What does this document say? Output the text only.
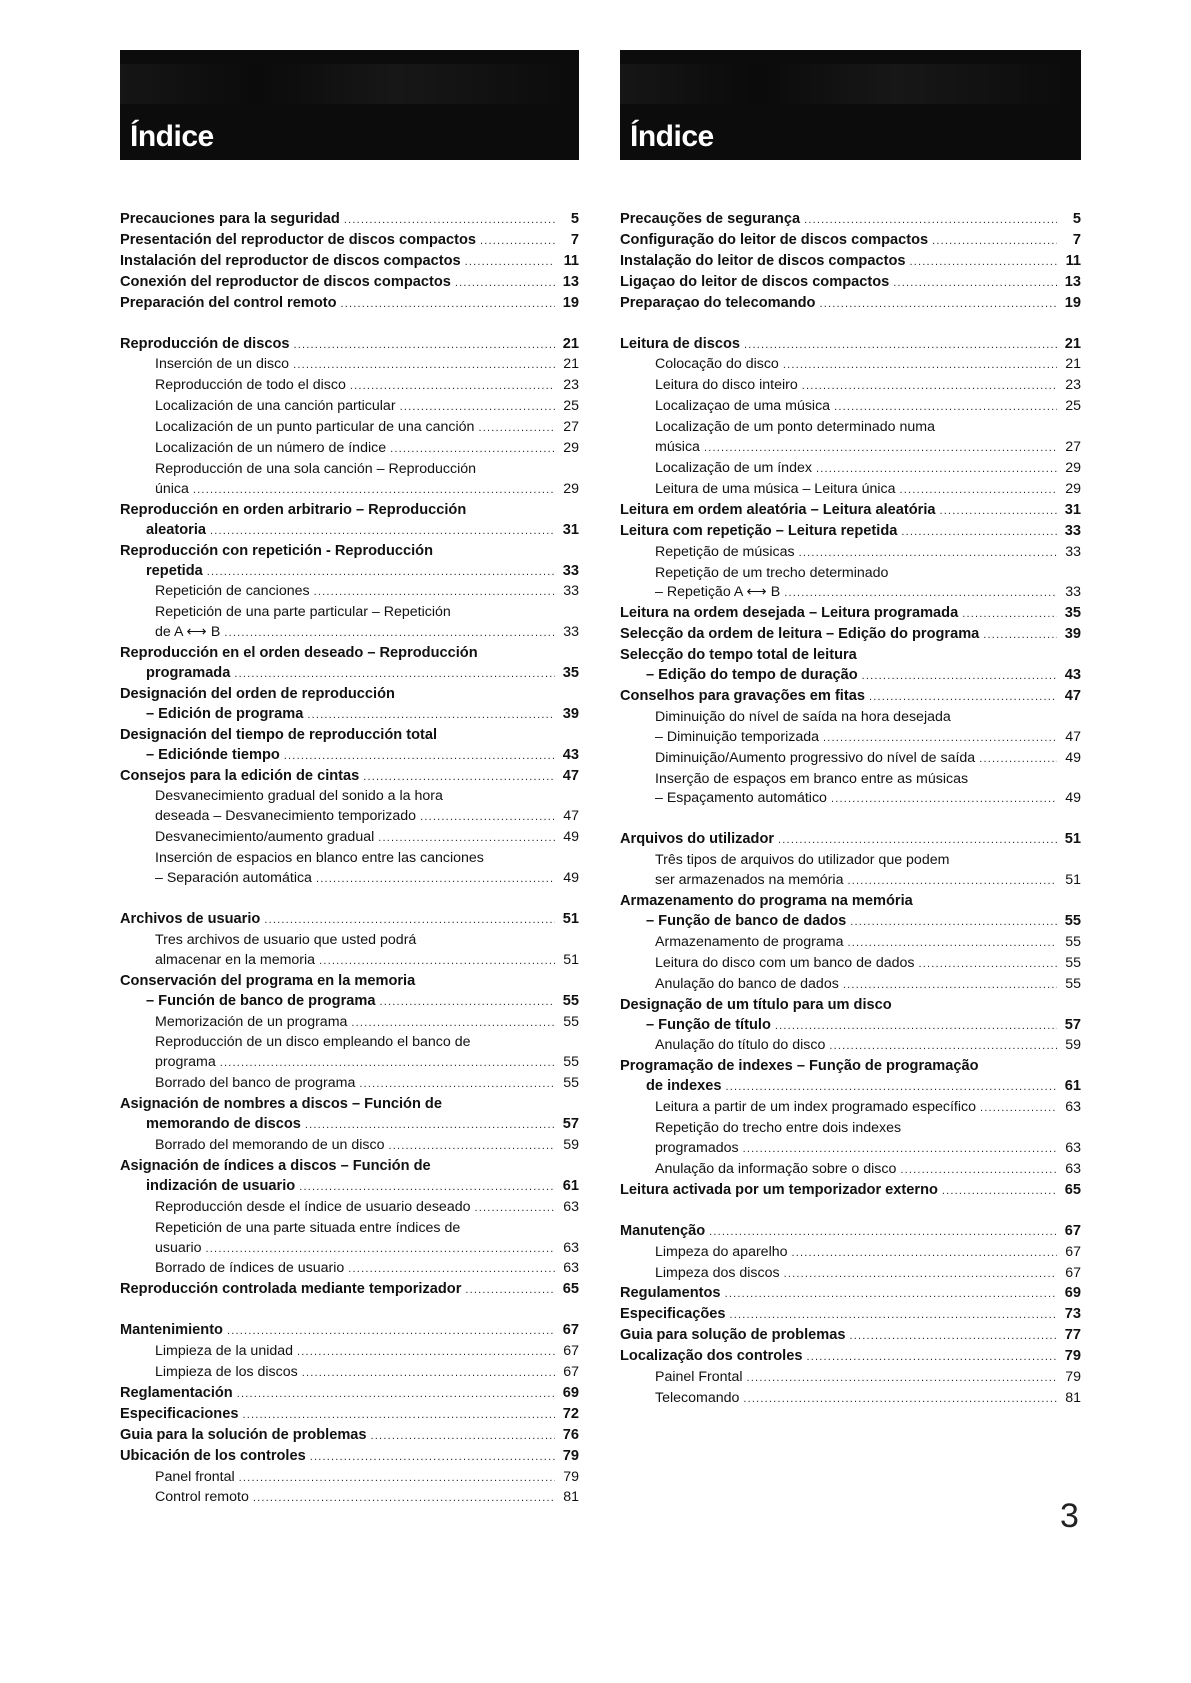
Índice
Precauciones para la seguridad .....	5
Presentación del reproductor de discos compactos .....	7
Instalación del reproductor de discos compactos .....	11
Conexión del reproductor de discos compactos .....	13
Preparación del control remoto .....	19
Reproducción de discos .....	21
Inserción de un disco .....	21
Reproducción de todo el disco .....	23
Localización de una canción particular .....	25
Localización de un punto particular de una canción .....	27
Localización de un número de índice .....	29
Reproducción de una sola canción – Reproducción
única .....	29
Reproducción en orden arbitrario – Reproducción
aleatoria .....	31
Reproducción con repetición - Reproducción
repetida .....	33
Repetición de canciones .....	33
Repetición de una parte particular – Repetición
de A ⟷ B .....	33
Reproducción en el orden deseado – Reproducción
programada .....	35
Designación del orden de reproducción
– Edición de programa .....	39
Designación del tiempo de reproducción total
– Ediciónde tiempo .....	43
Consejos para la edición de cintas .....	47
Desvanecimiento gradual del sonido a la hora
deseada – Desvanecimiento temporizado .....	47
Desvanecimiento/aumento gradual .....	49
Inserción de espacios en blanco entre las canciones
– Separación automática .....	49
Archivos de usuario .....	51
Tres archivos de usuario que usted podrá
almacenar en la memoria .....	51
Conservación del programa en la memoria
– Función de banco de programa .....	55
Memorización de un programa .....	55
Reproducción de un disco empleando el banco de
programa .....	55
Borrado del banco de programa .....	55
Asignación de nombres a discos – Función de
memorando de discos .....	57
Borrado del memorando de un disco .....	59
Asignación de índices a discos – Función de
indización de usuario .....	61
Reproducción desde el índice de usuario deseado .....	63
Repetición de una parte situada entre índices de
usuario .....	63
Borrado de índices de usuario .....	63
Reproducción controlada mediante temporizador .....	65
Mantenimiento .....	67
Limpieza de la unidad .....	67
Limpieza de los discos .....	67
Reglamentación .....	69
Especificaciones .....	72
Guia para la solución de problemas .....	76
Ubicación de los controles .....	79
Panel frontal .....	79
Control remoto .....	81
Índice
Precauções de segurança .....	5
Configuração do leitor de discos compactos .....	7
Instalação do leitor de discos compactos .....	11
Ligaçao do leitor de discos compactos .....	13
Preparaçao do telecomando .....	19
Leitura de discos .....	21
Colocação do disco .....	21
Leitura do disco inteiro .....	23
Localizaçao de uma música .....	25
Localização de um ponto determinado numa
música .....	27
Localização de um índex .....	29
Leitura de uma música – Leitura única .....	29
Leitura em ordem aleatória – Leitura aleatória .....	31
Leitura com repetição – Leitura repetida .....	33
Repetição de músicas .....	33
Repetição de um trecho determinado
– Repetição A ⟷ B .....	33
Leitura na ordem desejada – Leitura programada .....	35
Selecção da ordem de leitura – Edição do programa .....	39
Selecção do tempo total de leitura
– Edição do tempo de duração .....	43
Conselhos para gravações em fitas .....	47
Diminuição do nível de saída na hora desejada
– Diminuição temporizada .....	47
Diminuição/Aumento progressivo do nível de saída .....	49
Inserção de espaços em branco entre as músicas
– Espaçamento automático .....	49
Arquivos do utilizador .....	51
Três tipos de arquivos do utilizador que podem
ser armazenados na memória .....	51
Armazenamento do programa na memória
– Função de banco de dados .....	55
Armazenamento de programa .....	55
Leitura do disco com um banco de dados .....	55
Anulação do banco de dados .....	55
Designação de um título para um disco
– Função de título .....	57
Anulação do título do disco .....	59
Programação de indexes – Função de programação
de indexes .....	61
Leitura a partir de um index programado específico .....	63
Repetição do trecho entre dois indexes
programados .....	63
Anulação da informação sobre o disco .....	63
Leitura activada por um temporizador externo .....	65
Manutenção .....	67
Limpeza do aparelho .....	67
Limpeza dos discos .....	67
Regulamentos .....	69
Especificações .....	73
Guia para solução de problemas .....	77
Localização dos controles .....	79
Painel Frontal .....	79
Telecomando .....	81
3
